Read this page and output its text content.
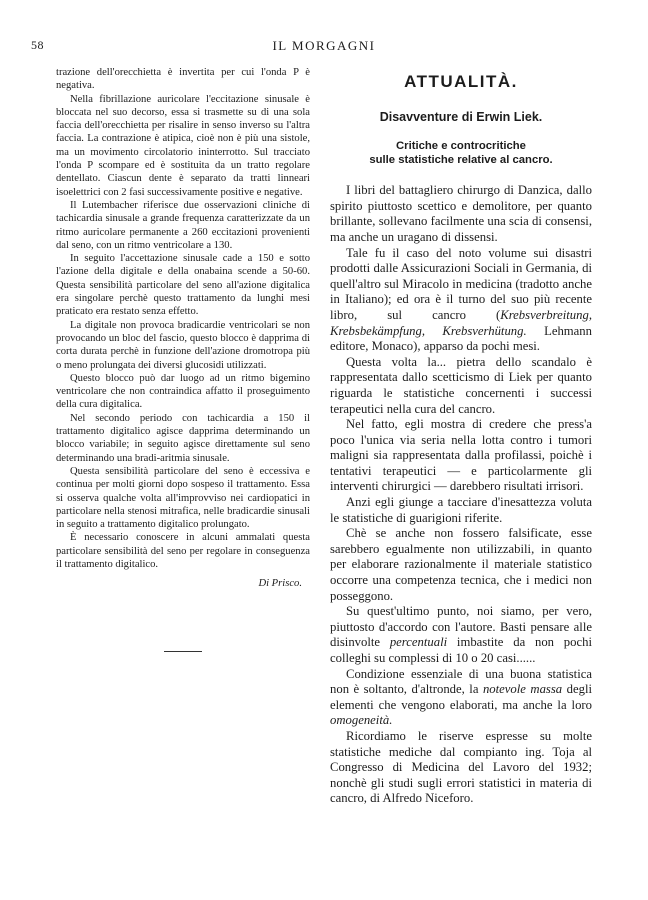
58	IL MORGAGNI

trazione dell'orecchietta è invertita per cui l'onda P è negativa.

Nella fibrillazione auricolare l'eccitazione sinusale è bloccata nel suo decorso, essa si trasmette su di una sola faccia dell'orecchietta per risalire in senso inverso su l'altra faccia. La contrazione è atipica, cioè non è più una sistole, ma un movimento circolatorio ininterrotto. Sul tracciato l'onda P scompare ed è sostituita da un tratto regolare dentellato. Ciascun dente è separato da tratti linneari isoelettrici con 2 fasi successivamente positive e negative.

Il Lutembacher riferisce due osservazioni cliniche di tachicardia sinusale a grande frequenza caratterizzate da un ritmo auricolare permanente a 260 eccitazioni provenienti dal seno, con un ritmo ventricolare a 130.

In seguito l'accettazione sinusale cade a 150 e sotto l'azione della digitale e della onabaina scende a 50-60. Questa sensibilità particolare del seno all'azione digitalica era singolare perchè questo trattamento da lunghi mesi praticato era restato senza effetto.

La digitale non provoca bradicardie ventricolari se non provocando un bloc del fascio, questo blocco è dapprima di corta durata perchè in funzione dell'azione dromotropa più o meno prolungata dei diversi glucosidi utilizzati.

Questo blocco può dar luogo ad un ritmo bigemino ventricolare che non contraindica affatto il proseguimento della cura digitalica.

Nel secondo periodo con tachicardia a 150 il trattamento digitalico agisce dapprima determinando un blocco variabile; in seguito agisce direttamente sul seno determinando una bradi-aritmia sinusale.

Questa sensibilità particolare del seno è eccessiva e continua per molti giorni dopo sospeso il trattamento. Essa si osserva qualche volta all'improvviso nei cardiopatici in particolare nella stenosi mitrafica, nelle bradicardie sinusali in seguito a trattamento digitalico prolungato.

È necessario conoscere in alcuni ammalati questa particolare sensibilità del seno per regolare in conseguenza il trattamento digitalico.

Di Prisco.
ATTUALITÀ.
Disavventure di Erwin Liek.
Critiche e controcritiche
sulle statistiche relative al cancro.

I libri del battagliero chirurgo di Danzica, dallo spirito piuttosto scettico e demolitore, per quanto brillante, sollevano facilmente una scia di consensi, ma anche un uragano di dissensi.

Tale fu il caso del noto volume sui disastri prodotti dalle Assicurazioni Sociali in Germania, di quell'altro sul Miracolo in medicina (tradotto anche in Italiano); ed ora è il turno del suo più recente libro, sul cancro (Krebsverbreitung, Krebsbekämpfung, Krebsverhütung. Lehmann editore, Monaco), apparso da pochi mesi.

Questa volta la... pietra dello scandalo è rappresentata dallo scetticismo di Liek per quanto riguarda le statistiche concernenti i successi terapeutici nella cura del cancro.

Nel fatto, egli mostra di credere che press'a poco l'unica via seria nella lotta contro i tumori maligni sia rappresentata dalla profilassi, poichè i tentativi terapeutici — e particolarmente gli interventi chirurgici — darebbero risultati irrisori.

Anzi egli giunge a tacciare d'inesattezza voluta le statistiche di guarigioni riferite.

Chè se anche non fossero falsificate, esse sarebbero egualmente non utilizzabili, in quanto per elaborare razionalmente il materiale statistico occorre una competenza tecnica, che i medici non posseggono.

Su quest'ultimo punto, noi siamo, per vero, piuttosto d'accordo con l'autore. Basti pensare alle disinvolte percentuali imbastite da non pochi colleghi su complessi di 10 o 20 casi......

Condizione essenziale di una buona statistica non è soltanto, d'altronde, la notevole massa degli elementi che vengono elaborati, ma anche la loro omogeneità.

Ricordiamo le riserve espresse su molte statistiche mediche dal compianto ing. Toja al Congresso di Medicina del Lavoro del 1932; nonchè gli studi sugli errori statistici in materia di cancro, di Alfredo Niceforo.
